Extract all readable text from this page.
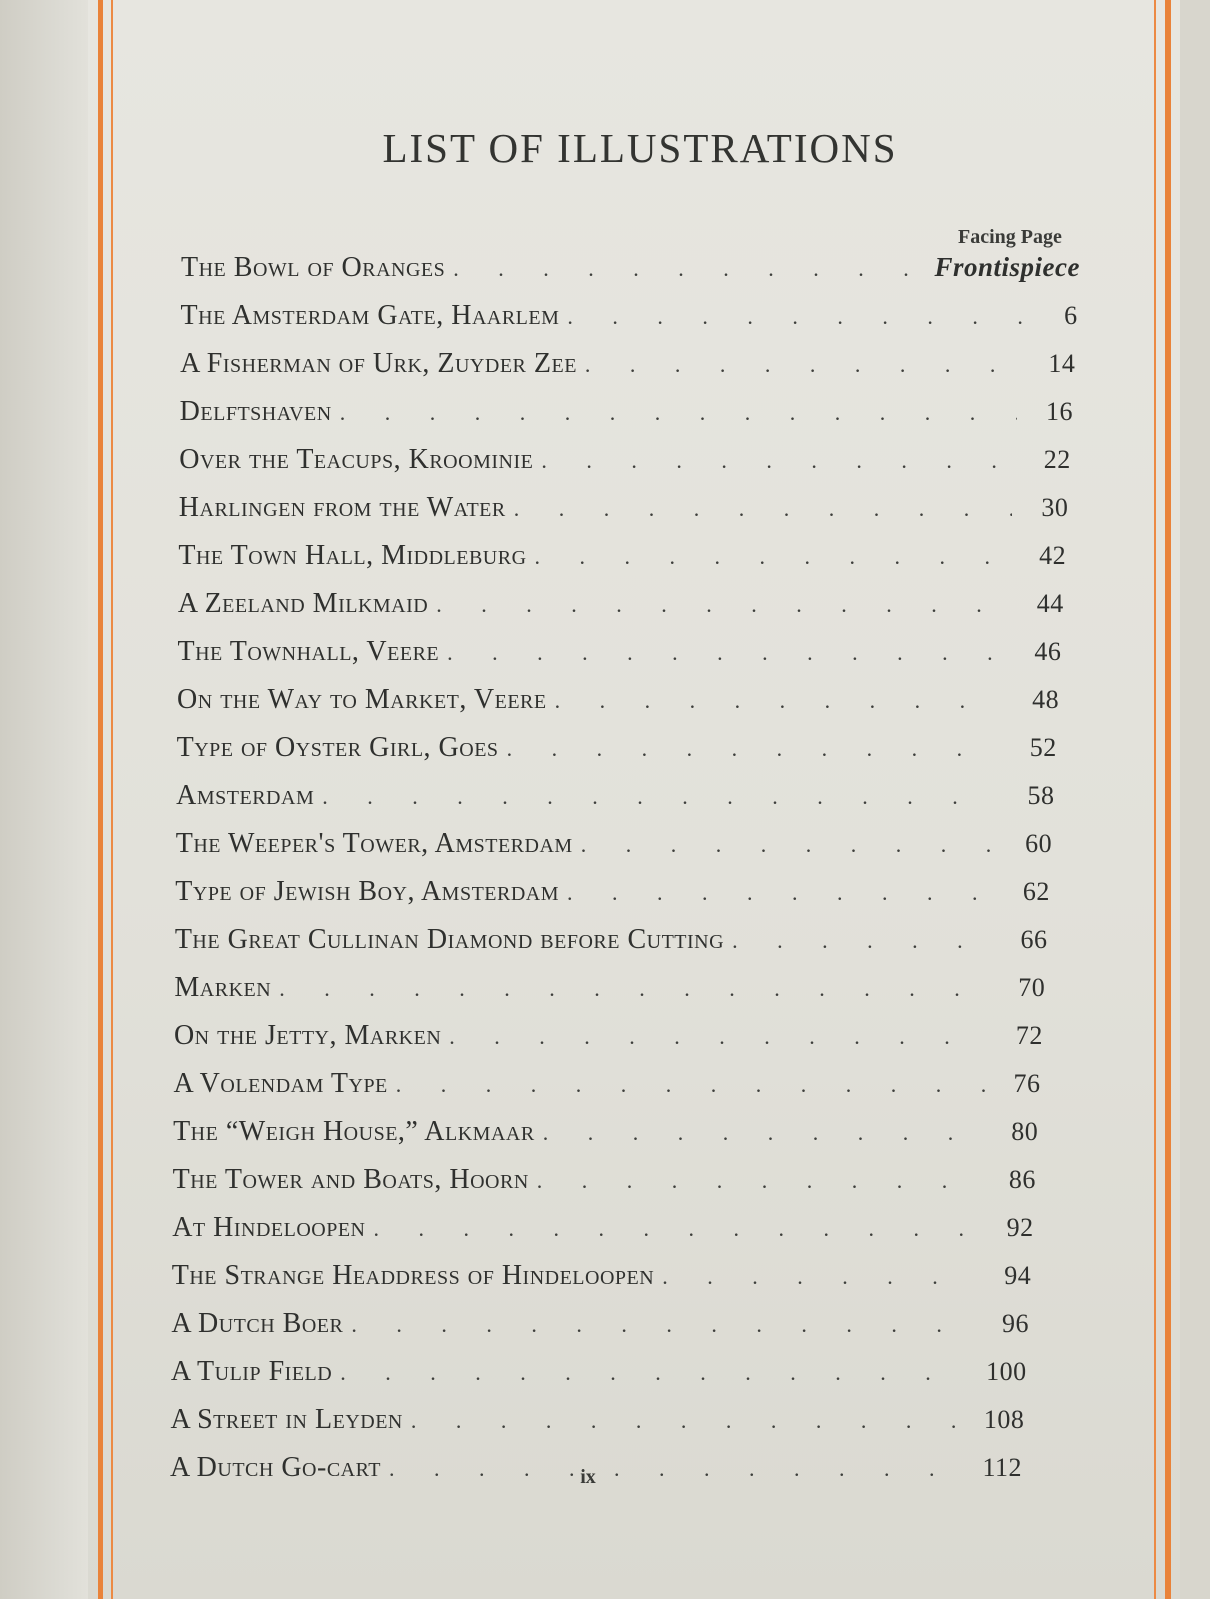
LIST OF ILLUSTRATIONS
Facing Page
The Bowl of Oranges . . .	Frontispiece
The Amsterdam Gate, Haarlem . . .	6
A Fisherman of Urk, Zuyder Zee . . .	14
Delftshaven . . .	16
Over the Teacups, Kroominie . . .	22
Harlingen from the Water . . .	30
The Town Hall, Middleburg . . .	42
A Zeeland Milkmaid . . .	44
The Townhall, Veere . . .	46
On the Way to Market, Veere . . .	48
Type of Oyster Girl, Goes . . .	52
Amsterdam . . .	58
The Weeper's Tower, Amsterdam . . .	60
Type of Jewish Boy, Amsterdam . . .	62
The Great Cullinan Diamond before Cutting . . .	66
Marken . . .	70
On the Jetty, Marken . . .	72
A Volendam Type . . .	76
The “Weigh House,” Alkmaar . . .	80
The Tower and Boats, Hoorn . . .	86
At Hindeloopen . . .	92
The Strange Headdress of Hindeloopen . . .	94
A Dutch Boer . . .	96
A Tulip Field . . .	100
A Street in Leyden . . .	108
A Dutch Go-cart . . .	112
ix
